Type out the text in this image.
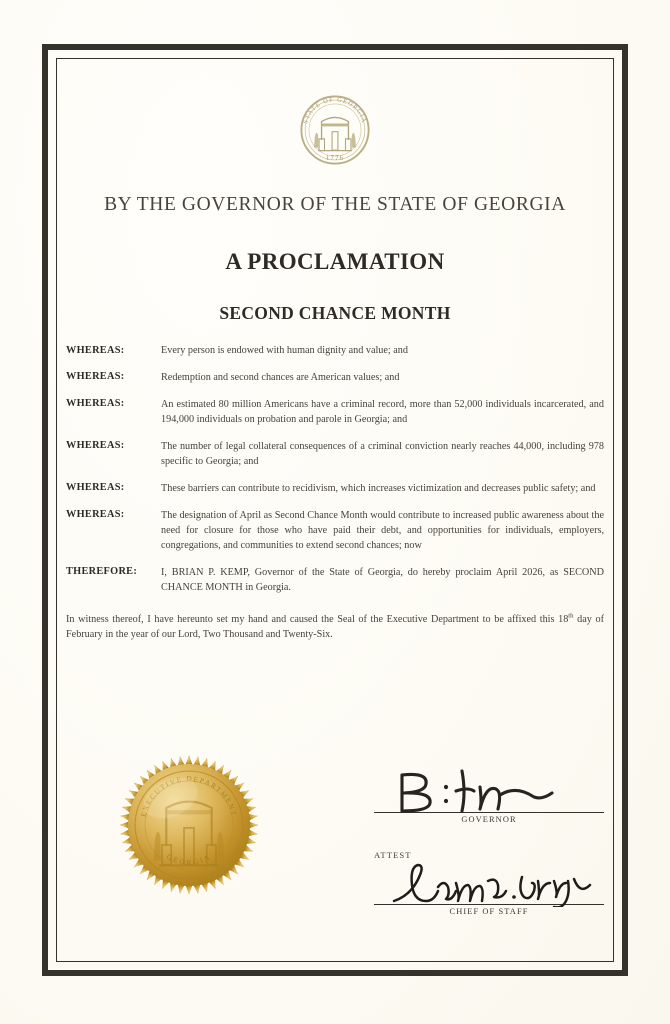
STATE OF GEORGIA
1776
BY THE GOVERNOR OF THE STATE OF GEORGIA
A PROCLAMATION
SECOND CHANCE MONTH
WHEREAS:	Every person is endowed with human dignity and value; and
WHEREAS:	Redemption and second chances are American values; and
WHEREAS:	An estimated 80 million Americans have a criminal record, more than 52,000 individuals incarcerated, and 194,000 individuals on probation and parole in Georgia; and
WHEREAS:	The number of legal collateral consequences of a criminal conviction nearly reaches 44,000, including 978 specific to Georgia; and
WHEREAS:	These barriers can contribute to recidivism, which increases victimization and decreases public safety; and
WHEREAS:	The designation of April as Second Chance Month would contribute to increased public awareness about the need for closure for those who have paid their debt, and opportunities for individuals, employers, congregations, and communities to extend second chances; now
THEREFORE:	I, BRIAN P. KEMP, Governor of the State of Georgia, do hereby proclaim April 2026, as SECOND CHANCE MONTH in Georgia.

In witness thereof, I have hereunto set my hand and caused the Seal of the Executive Department to be affixed this 18th day of February in the year of our Lord, Two Thousand and Twenty-Six.

EXECUTIVE DEPARTMENT
GEORGIA
GOVERNOR
ATTEST
CHIEF OF STAFF
